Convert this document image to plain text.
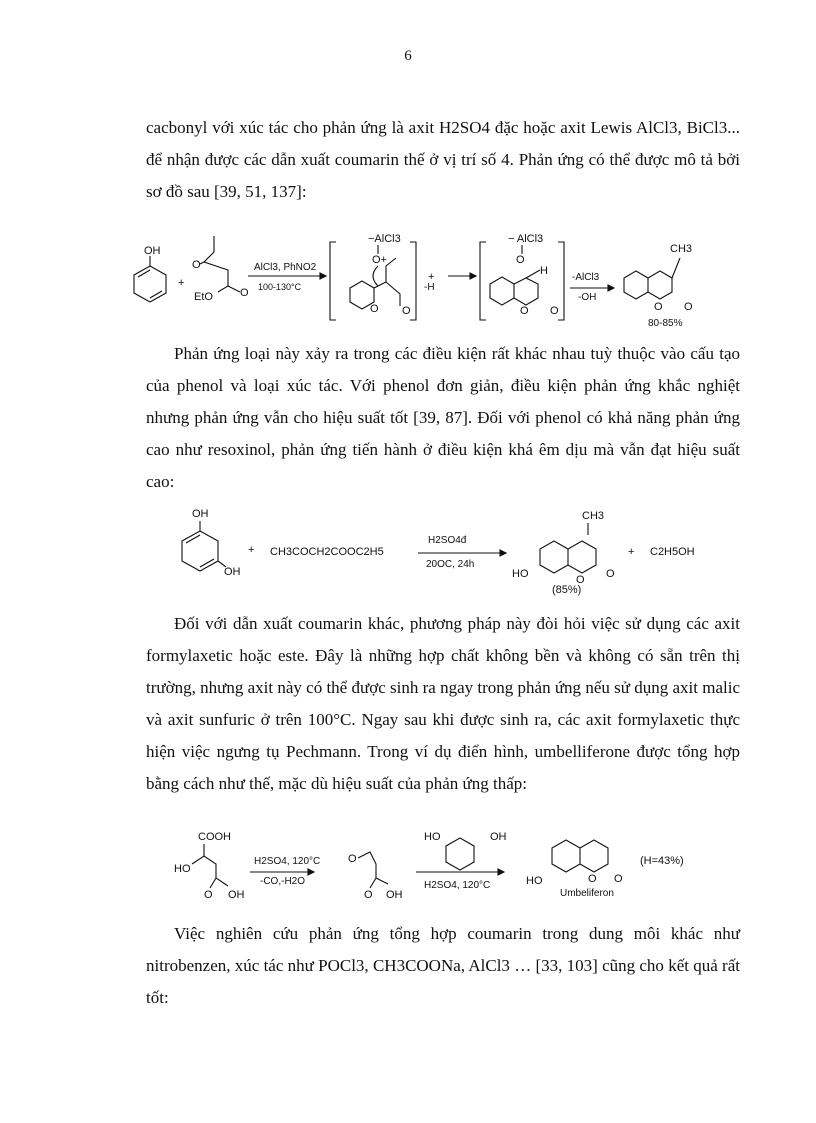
6

cacbonyl với xúc tác cho phản ứng là axit H2SO4 đặc hoặc axit Lewis AlCl3, BiCl3... để nhận được các dẫn xuất coumarin thế ở vị trí số 4. Phản ứng có thể được mô tả bởi sơ đồ sau [39, 51, 137]:

OH
+
O
EtO O
AlCl3, PhNO2
100-130°C
−AlCl3
O+
O O
+
-H
− AlCl3
O
H
O O
-AlCl3
-OH
CH3
O O
80-85%

Phản ứng loại này xảy ra trong các điều kiện rất khác nhau tuỳ thuộc vào cấu tạo của phenol và loại xúc tác. Với phenol đơn giản, điều kiện phản ứng khắc nghiệt nhưng phản ứng vẫn cho hiệu suất tốt [39, 87]. Đối với phenol có khả năng phản ứng cao như resoxinol, phản ứng tiến hành ở điều kiện khá êm dịu mà vẫn đạt hiệu suất cao:

OH
OH
+ CH3COCH2COOC2H5
H2SO4đ
20OC, 24h
CH3
HO	O O
(85%)
+ C2H5OH

Đối với dẫn xuất coumarin khác, phương pháp này đòi hỏi việc sử dụng các axit formylaxetic hoặc este. Đây là những hợp chất không bền và không có sẵn trên thị trường, nhưng axit này có thể được sinh ra ngay trong phản ứng nếu sử dụng axit malic và axit sunfuric ở trên 100°C. Ngay sau khi được sinh ra, các axit formylaxetic thực hiện việc ngưng tụ Pechmann. Trong ví dụ điển hình, umbelliferone được tổng hợp bằng cách như thế, mặc dù hiệu suất của phản ứng thấp:

COOH
HO
O OH
H2SO4, 120°C
-CO,-H2O
O
O OH
HO	OH
H2SO4, 120°C	HO	O O
Umbeliferon
(H=43%)

Việc nghiên cứu phản ứng tổng hợp coumarin trong dung môi khác như nitrobenzen, xúc tác như POCl3, CH3COONa, AlCl3 … [33, 103] cũng cho kết quả rất tốt:
